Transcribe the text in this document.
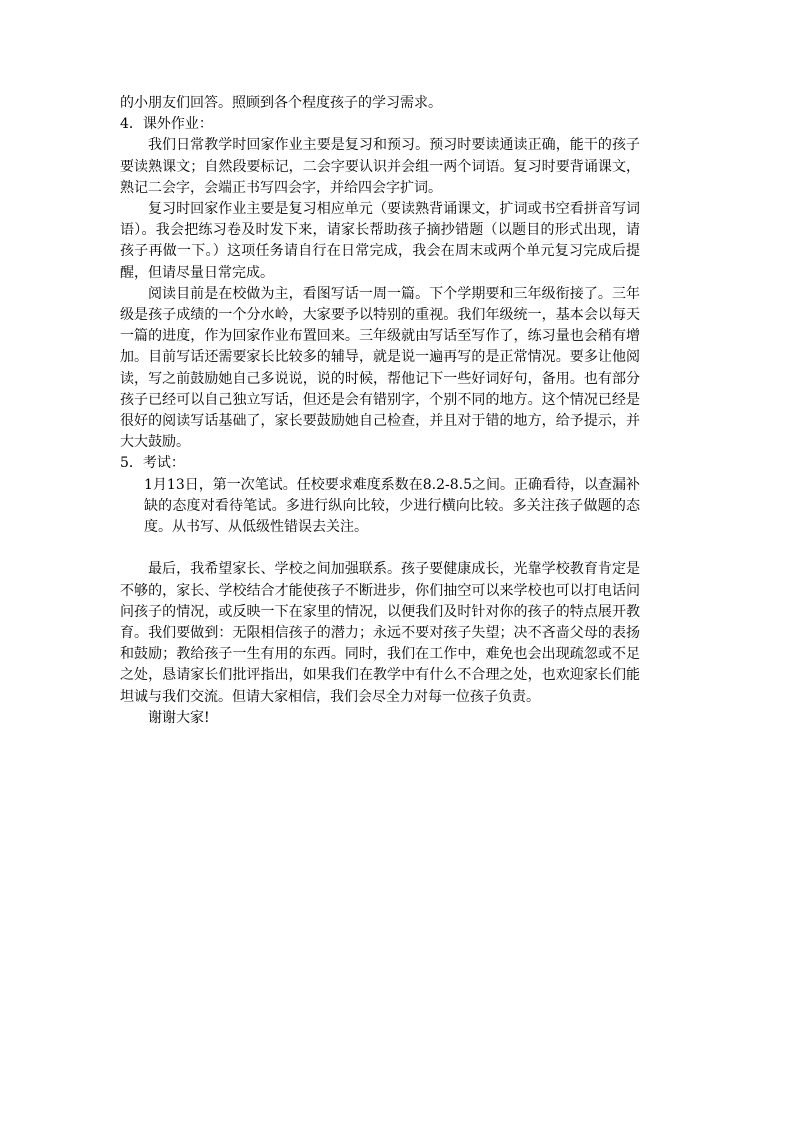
的小朋友们回答。照顾到各个程度孩子的学习需求。

4．课外作业：

我们日常教学时回家作业主要是复习和预习。预习时要读通读正确，能干的孩子要读熟课文；自然段要标记，二会字要认识并会组一两个词语。复习时要背诵课文，熟记二会字，会端正书写四会字，并给四会字扩词。

复习时回家作业主要是复习相应单元（要读熟背诵课文，扩词或书空看拼音写词语）。我会把练习卷及时发下来，请家长帮助孩子摘抄错题（以题目的形式出现，请孩子再做一下。）这项任务请自行在日常完成，我会在周末或两个单元复习完成后提醒，但请尽量日常完成。

阅读目前是在校做为主，看图写话一周一篇。下个学期要和三年级衔接了。三年级是孩子成绩的一个分水岭，大家要予以特别的重视。我们年级统一，基本会以每天一篇的进度，作为回家作业布置回来。三年级就由写话至写作了，练习量也会稍有增加。目前写话还需要家长比较多的辅导，就是说一遍再写的是正常情况。要多让他阅读，写之前鼓励她自己多说说，说的时候，帮他记下一些好词好句，备用。也有部分孩子已经可以自己独立写话，但还是会有错别字，个别不同的地方。这个情况已经是很好的阅读写话基础了，家长要鼓励她自己检查，并且对于错的地方，给予提示，并大大鼓励。

5．考试：

1月13日，第一次笔试。任校要求难度系数在8.2-8.5之间。正确看待，以查漏补缺的态度对看待笔试。多进行纵向比较，少进行横向比较。多关注孩子做题的态度。从书写、从低级性错误去关注。

最后，我希望家长、学校之间加强联系。孩子要健康成长，光靠学校教育肯定是不够的，家长、学校结合才能使孩子不断进步，你们抽空可以来学校也可以打电话问问孩子的情况，或反映一下在家里的情况，以便我们及时针对你的孩子的特点展开教育。我们要做到：无限相信孩子的潜力；永远不要对孩子失望；决不吝啬父母的表扬和鼓励；教给孩子一生有用的东西。同时，我们在工作中，难免也会出现疏忽或不足之处，恳请家长们批评指出，如果我们在教学中有什么不合理之处，也欢迎家长们能坦诚与我们交流。但请大家相信，我们会尽全力对每一位孩子负责。

谢谢大家!
